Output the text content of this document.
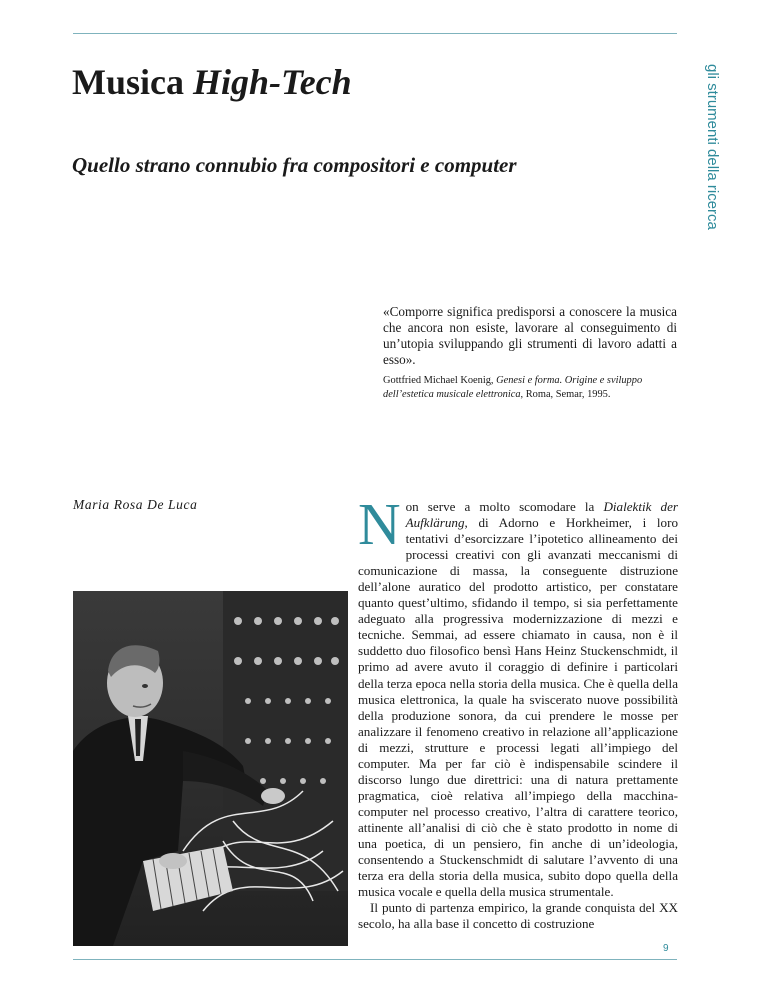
gli strumenti della ricerca
Musica High-Tech
Quello strano connubio fra compositori e computer

«Comporre significa predisporsi a conoscere la musica che ancora non esiste, lavorare al conseguimento di un’utopia sviluppando gli strumenti di lavoro adatti a esso».

Gottfried Michael Koenig, Genesi e forma. Origine e sviluppo dell’estetica musicale elettronica, Roma, Semar, 1995.

Maria Rosa De Luca	Non serve a molto scomodare la Dialektik der Aufklärung, di Adorno e Horkheimer, i loro tentativi d’esorcizzare l’ipotetico allineamento dei processi creativi con gli avanzati meccanismi di comunicazione di massa, la conseguente distruzione dell’alone auratico del prodotto artistico, per constatare quanto quest’ultimo, sfidando il tempo, si sia perfettamente adeguato alla progressiva modernizzazione di mezzi e tecniche. Semmai, ad essere chiamato in causa, non è il suddetto duo filosofico bensì Hans Heinz Stuckenschmidt, il primo ad avere avuto il coraggio di definire i particolari della terza epoca nella storia della musica. Che è quella della musica elettronica, la quale ha sviscerato nuove possibilità della produzione sonora, da cui prendere le mosse per analizzare il fenomeno creativo in relazione all’applicazione di mezzi, strutture e processi legati all’impiego del computer. Ma per far ciò è indispensabile scindere il discorso lungo due direttrici: una di natura prettamente pragmatica, cioè relativa all’impiego della macchina-computer nel processo creativo, l’altra di carattere teorico, attinente all’analisi di ciò che è stato prodotto in nome di una poetica, di un pensiero, fin anche di un’ideologia, consentendo a Stuckenschmidt di salutare l’avvento di una terza era della storia della musica, subito dopo quella della musica vocale e quella della musica strumentale.
Il punto di partenza empirico, la grande conquista del XX secolo, ha alla base il concetto di costruzione

9
